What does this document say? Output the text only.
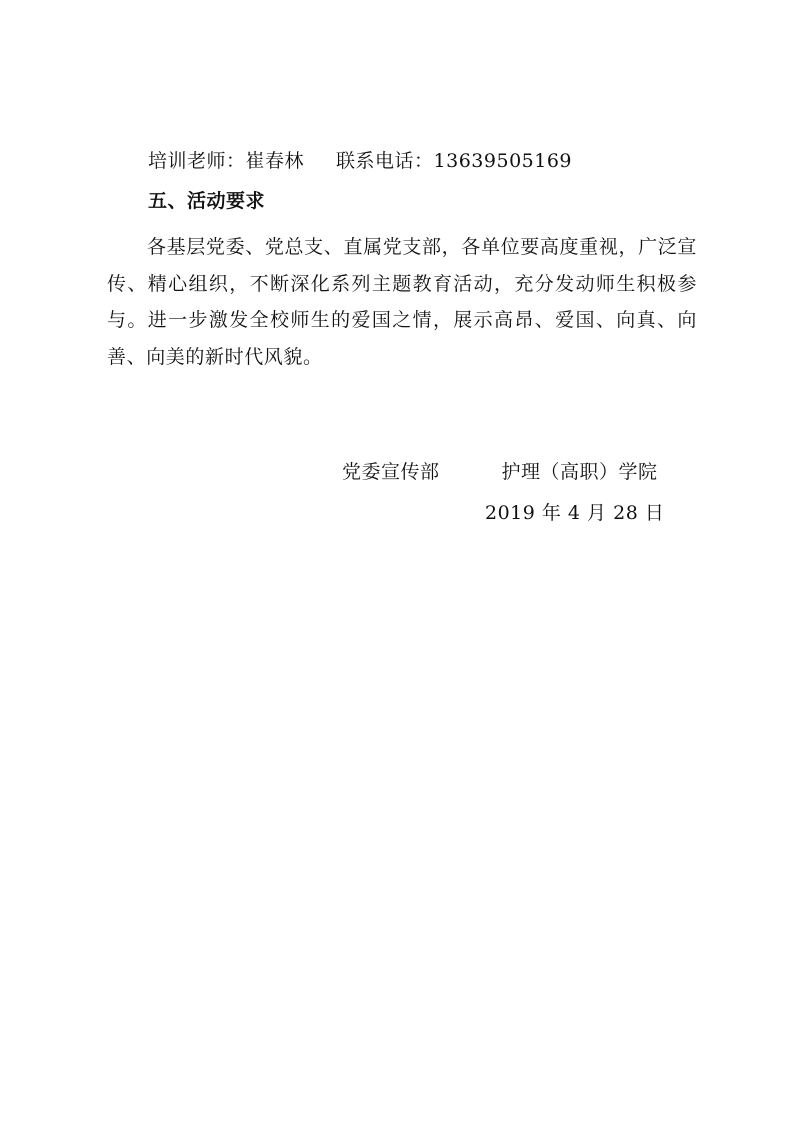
培训老师：崔春林 联系电话：13639505169
五、活动要求

各基层党委、党总支、直属党支部，各单位要高度重视，广泛宣传、精心组织，不断深化系列主题教育活动，充分发动师生积极参与。进一步激发全校师生的爱国之情，展示高昂、爱国、向真、向善、向美的新时代风貌。

党委宣传部	护理（高职）学院
2019 年 4 月 28 日
